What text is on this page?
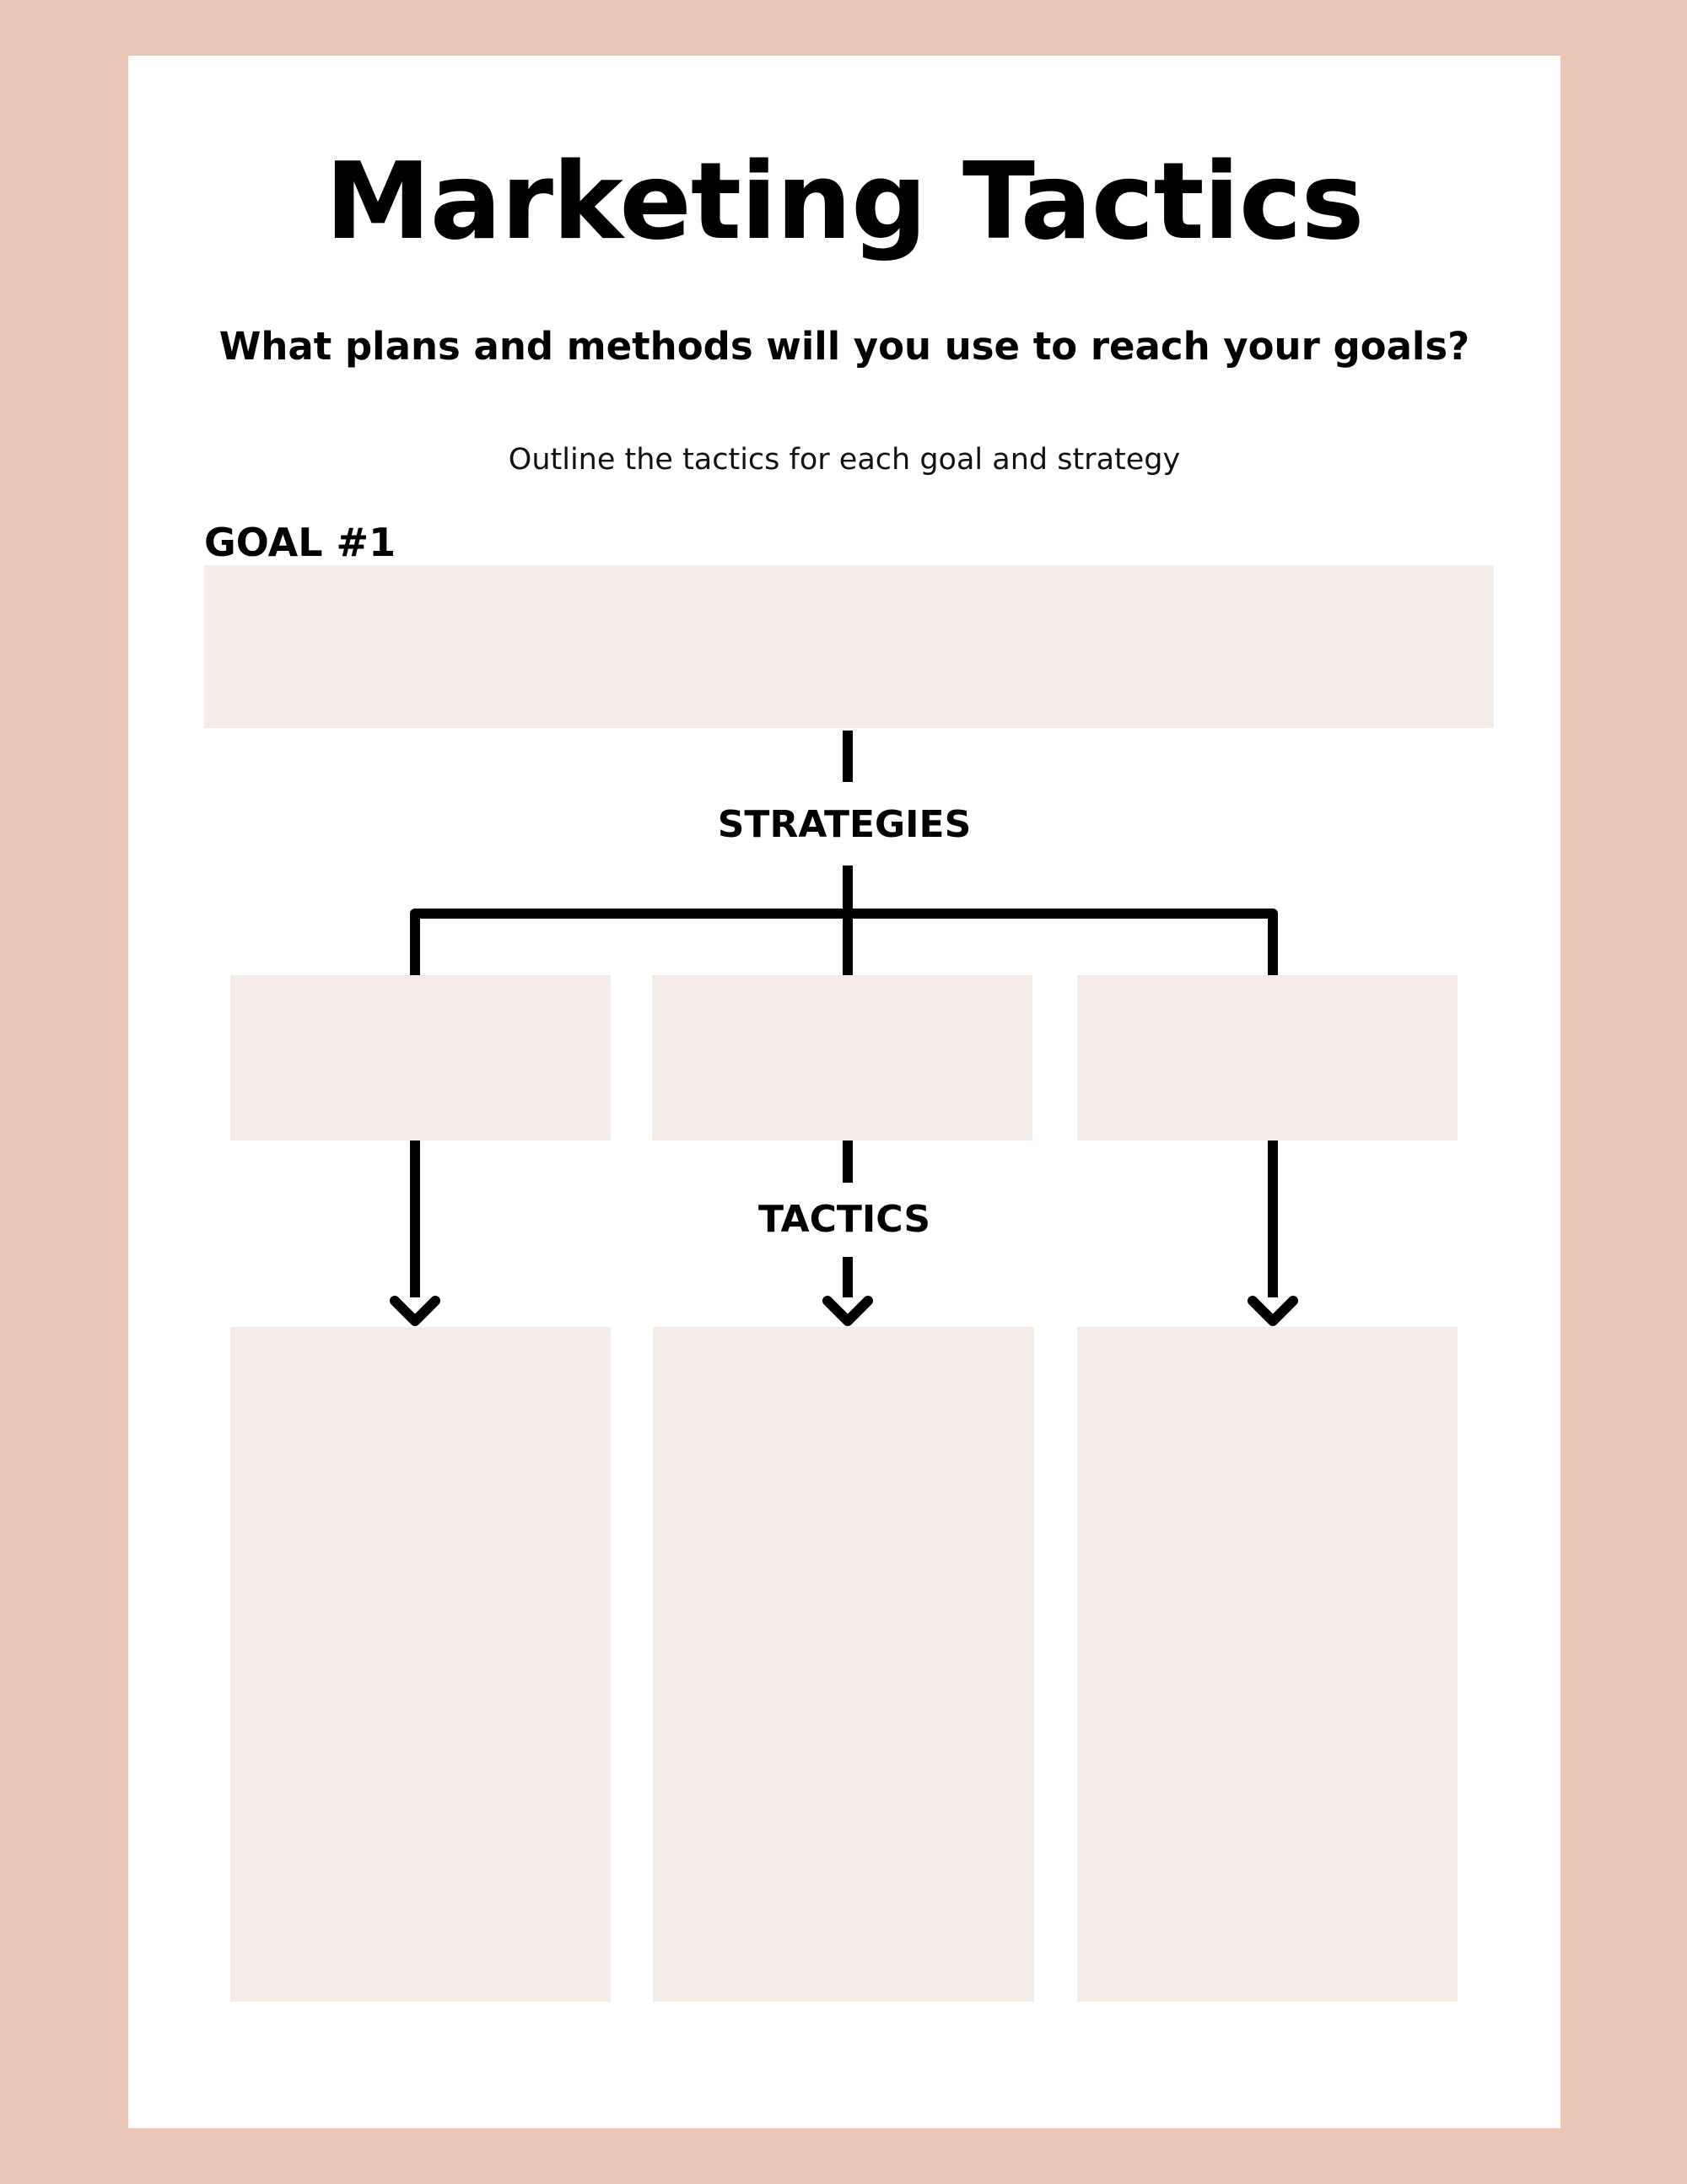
Marketing Tactics
What plans and methods will you use to reach your goals?
Outline the tactics for each goal and strategy
GOAL #1
STRATEGIES
TACTICS
